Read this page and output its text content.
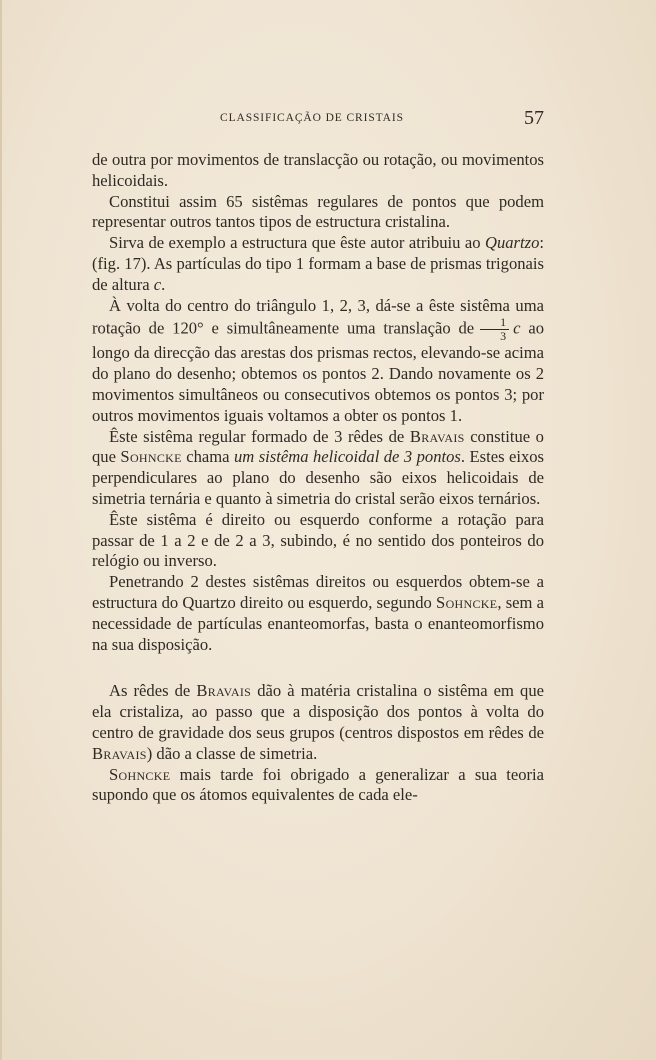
CLASSIFICAÇÃO DE CRISTAIS	57

de outra por movimentos de translacção ou rotação, ou movimentos helicoidais.

Constitui assim 65 sistêmas regulares de pontos que podem representar outros tantos tipos de estructura cristalina.

Sirva de exemplo a estructura que êste autor atribuiu ao Quartzo: (fig. 17). As partículas do tipo 1 formam a base de prismas trigonais de altura c.

À volta do centro do triângulo 1, 2, 3, dá-se a êste sistêma uma rotação de 120° e simultâneamente uma translação de $\frac{1}{3}$ c ao longo da direcção das arestas dos prismas rectos, elevando-se acima do plano do desenho; obtemos os pontos 2. Dando novamente os 2 movimentos simultâneos ou consecutivos obtemos os pontos 3; por outros movimentos iguais voltamos a obter os pontos 1.

Êste sistêma regular formado de 3 rêdes de Bravais constitue o que Sohncke chama um sistêma helicoidal de 3 pontos. Estes eixos perpendiculares ao plano do desenho são eixos helicoidais de simetria ternária e quanto à simetria do cristal serão eixos ternários.

Êste sistêma é direito ou esquerdo conforme a rotação para passar de 1 a 2 e de 2 a 3, subindo, é no sentido dos ponteiros do relógio ou inverso.

Penetrando 2 destes sistêmas direitos ou esquerdos obtem-se a estructura do Quartzo direito ou esquerdo, segundo Sohncke, sem a necessidade de partículas enanteomorfas, basta o enanteomorfismo na sua disposição.

As rêdes de Bravais dão à matéria cristalina o sistêma em que ela cristaliza, ao passo que a disposição dos pontos à volta do centro de gravidade dos seus grupos (centros dispostos em rêdes de Bravais) dão a classe de simetria.

Sohncke mais tarde foi obrigado a generalizar a sua teoria supondo que os átomos equivalentes de cada ele-
